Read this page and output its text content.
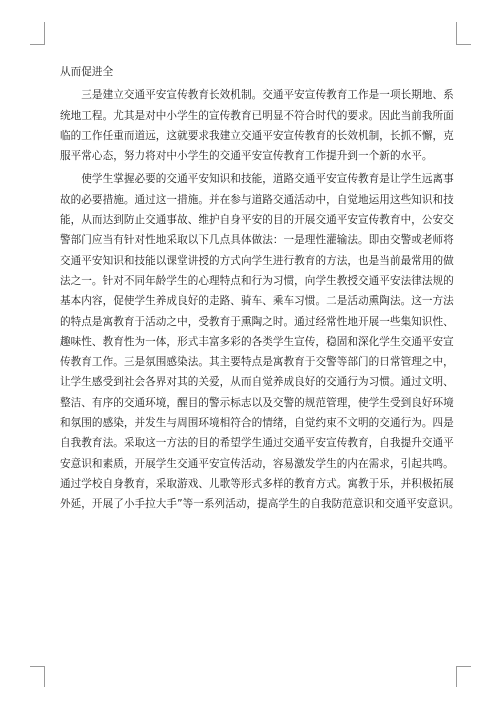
从而促进全
　　三是建立交通平安宣传教育长效机制。交通平安宣传教育工作是一项长期地、系
统地工程。尤其是对中小学生的宣传教育已明显不符合时代的要求。因此当前我所面
临的工作任重而道远，这就要求我建立交通平安宣传教育的长效机制，长抓不懈，克
服平常心态，努力将对中小学生的交通平安宣传教育工作提升到一个新的水平。
　　使学生掌握必要的交通平安知识和技能，道路交通平安宣传教育是让学生远离事
故的必要措施。通过这一措施。并在参与道路交通活动中，自觉地运用这些知识和技
能，从而达到防止交通事故、维护自身平安的目的开展交通平安宣传教育中，公安交
警部门应当有针对性地采取以下几点具体做法：一是理性灌输法。即由交警或老师将
交通平安知识和技能以课堂讲授的方式向学生进行教育的方法，也是当前最常用的做
法之一。针对不同年龄学生的心理特点和行为习惯，向学生教授交通平安法律法规的
基本内容，促使学生养成良好的走路、骑车、乘车习惯。二是活动熏陶法。这一方法
的特点是寓教育于活动之中，受教育于熏陶之时。通过经常性地开展一些集知识性、
趣味性、教育性为一体，形式丰富多彩的各类学生宣传，稳固和深化学生交通平安宣
传教育工作。三是氛围感染法。其主要特点是寓教育于交警等部门的日常管理之中，
让学生感受到社会各界对其的关爱，从而自觉养成良好的交通行为习惯。通过文明、
整洁、有序的交通环境，醒目的警示标志以及交警的规范管理，使学生受到良好环境
和氛围的感染，并发生与周围环境相符合的情绪，自觉约束不文明的交通行为。四是
自我教育法。采取这一方法的目的希望学生通过交通平安宣传教育，自我提升交通平
安意识和素质，开展学生交通平安宣传活动，容易激发学生的内在需求，引起共鸣。
通过学校自身教育，采取游戏、儿歌等形式多样的教育方式。寓教于乐，并积极拓展
外延，开展了小手拉大手”等一系列活动，提高学生的自我防范意识和交通平安意识。
